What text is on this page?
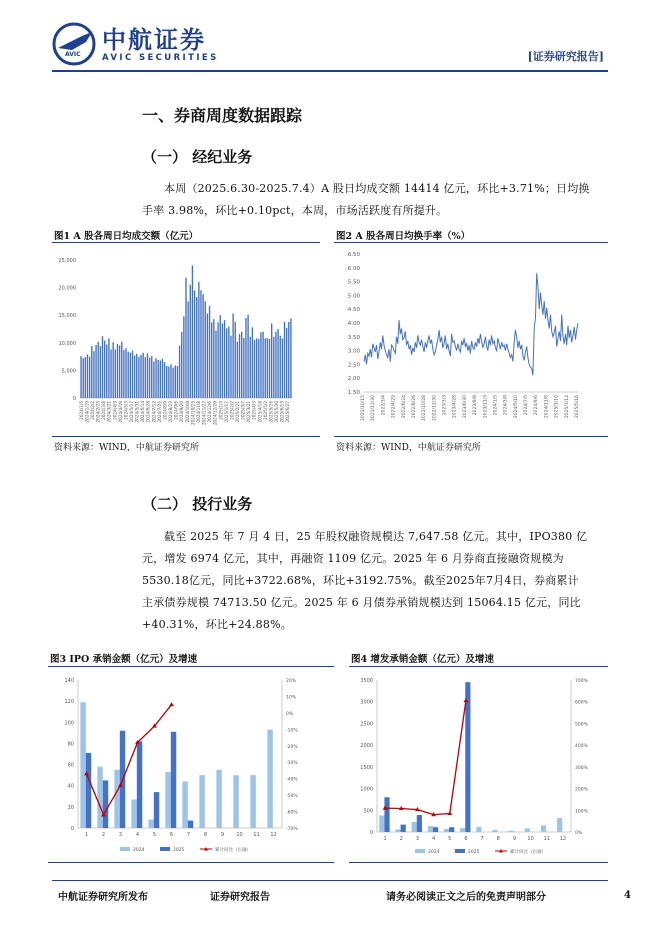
AVIC
中航证券
AVIC SECURITIES	[证券研究报告]
一、券商周度数据跟踪
（一） 经纪业务
本周（2025.6.30-2025.7.4）A 股日均成交额 14414 亿元，环比+3.71%；日均换
手率 3.98%，环比+0.10pct，本周，市场活跃度有所提升。
图1 A 股各周日均成交额（亿元）	图2 A 股各周日均换手率（%）
0
5,000
10,000
15,000
20,000
25,000
2024/1/5 2024/1/19 2024/2/2 2024/2/23 2024/3/8 2024/3/22 2024/4/3 2024/4/19 2024/5/3 2024/5/17 2024/5/31 2024/6/14 2024/6/28 2024/7/12 2024/7/26 2024/8/9 2024/8/23 2024/9/6 2024/9/20 2024/10/8 2024/10/25 2024/11/8 2024/11/22 2024/12/6 2024/12/20 2025/1/3 2025/1/17 2025/2/7 2025/2/21 2025/3/7 2025/3/21 2025/4/3 2025/4/18 2025/5/2 2025/5/16 2025/5/30 2025/6/13 2025/6/27
1.50
2.00
2.50
3.00
3.50
4.00
4.50
5.00
5.50
6.00
6.50
2021/10/15 2021/12/30 2022/3/4 2022/4/29 2022/6/24 2022/8/26 2022/10/28 2022/12/30 2023/3/3 2023/4/28 2023/6/30 2023/9/8 2023/11/3 2024/1/5 2024/3/8 2024/5/10 2024/7/5 2024/9/6 2024/11/8 2025/1/10 2025/3/14 2025/5/16
资料来源：WIND，中航证券研究所	资料来源：WIND，中航证券研究所
（二） 投行业务
截至 2025 年 7 月 4 日，25 年股权融资规模达 7,647.58 亿元。其中，IPO380 亿
元，增发 6974 亿元，其中，再融资 1109 亿元。2025 年 6 月券商直接融资规模为
5530.18亿元，同比+3722.68%，环比+3192.75%。截至2025年7月4日，券商累计
主承债券规模 74713.50 亿元。2025 年 6 月债券承销规模达到 15064.15 亿元，同比
+40.31%，环比+24.88%。
图3 IPO 承销金额（亿元）及增速	图4 增发承销金额（亿元）及增速
0
20
40
60
80
100
120
140
-70%
-60%
-50%
-40%
-30%
-20%
-10%
0%
10%
20%
1	2	3	4	5	6	7	8	9 10 11 12
2024	2025	累计同比（右轴）
0
500
1000
1500
2000
2500
3000
3500
0%
100%
200%
300%
400%
500%
600%
700%
1	2	3	4	5	6	7	8	9 10 11 12
2024	2025	累计同比（右轴）
中航证券研究所发布	证券研究报告	请务必阅读正文之后的免责声明部分	4
